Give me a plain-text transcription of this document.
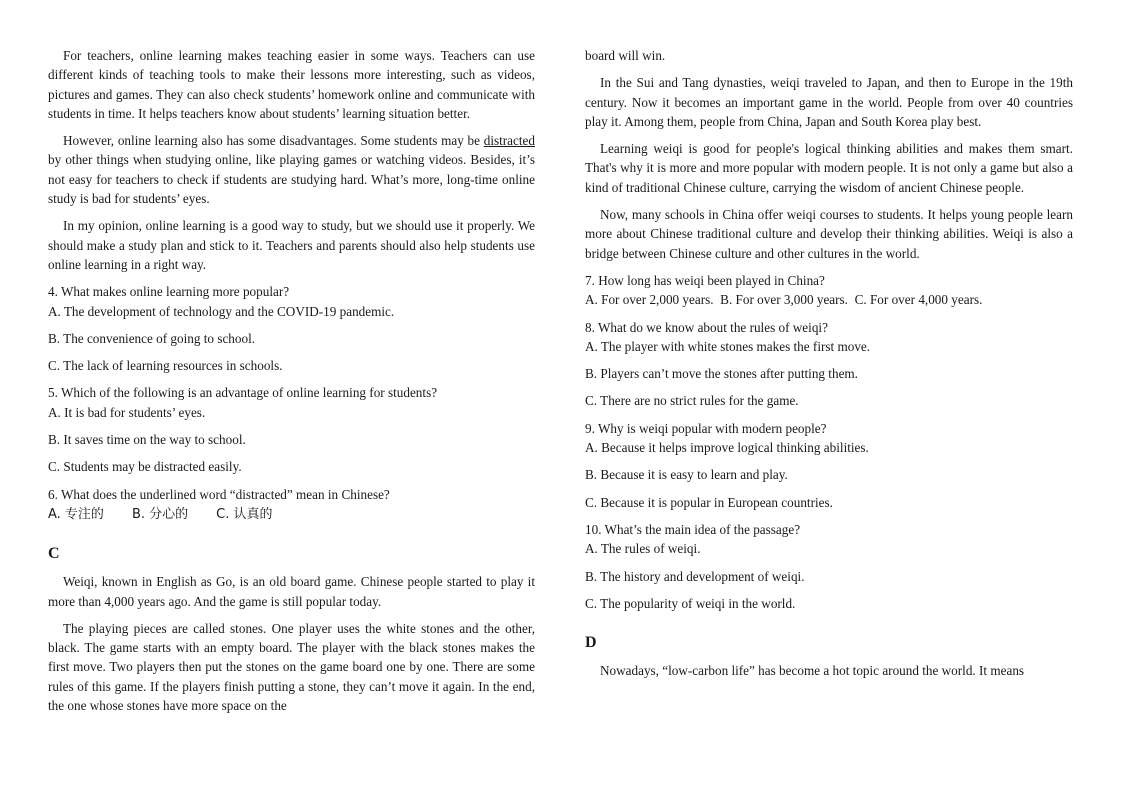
For teachers, online learning makes teaching easier in some ways. Teachers can use different kinds of teaching tools to make their lessons more interesting, such as videos, pictures and games. They can also check students’ homework online and communicate with students in time. It helps teachers know about students’ learning situation better.

However, online learning also has some disadvantages. Some students may be distracted by other things when studying online, like playing games or watching videos. Besides, it’s not easy for teachers to check if students are studying hard. What’s more, long-time online study is bad for students’ eyes.

In my opinion, online learning is a good way to study, but we should use it properly. We should make a study plan and stick to it. Teachers and parents should also help students use online learning in a right way.

4. What makes online learning more popular?

A. The development of technology and the COVID-19 pandemic.

B. The convenience of going to school.

C. The lack of learning resources in schools.

5. Which of the following is an advantage of online learning for students?

A. It is bad for students’ eyes.

B. It saves time on the way to school.

C. Students may be distracted easily.

6. What does the underlined word “distracted” mean in Chinese?

A. 专注的 B. 分心的 C. 认真的

C

Weiqi, known in English as Go, is an old board game. Chinese people started to play it more than 4,000 years ago. And the game is still popular today.

The playing pieces are called stones. One player uses the white stones and the other, black. The game starts with an empty board. The player with the black stones makes the first move. Two players then put the stones on the game board one by one. There are some rules of this game. If the players finish putting a stone, they can’t move it again. In the end, the one whose stones have more space on the

board will win.

In the Sui and Tang dynasties, weiqi traveled to Japan, and then to Europe in the 19th century. Now it becomes an important game in the world. People from over 40 countries play it. Among them, people from China, Japan and South Korea play best.

Learning weiqi is good for people's logical thinking abilities and makes them smart. That's why it is more and more popular with modern people. It is not only a game but also a kind of traditional Chinese culture, carrying the wisdom of ancient Chinese people.

Now, many schools in China offer weiqi courses to students. It helps young people learn more about Chinese traditional culture and develop their thinking abilities. Weiqi is also a bridge between Chinese culture and other cultures in the world.

7. How long has weiqi been played in China?

A. For over 2,000 years. B. For over 3,000 years. C. For over 4,000 years.

8. What do we know about the rules of weiqi?

A. The player with white stones makes the first move.

B. Players can’t move the stones after putting them.

C. There are no strict rules for the game.

9. Why is weiqi popular with modern people?

A. Because it helps improve logical thinking abilities.

B. Because it is easy to learn and play.

C. Because it is popular in European countries.

10. What’s the main idea of the passage?

A. The rules of weiqi.

B. The history and development of weiqi.

C. The popularity of weiqi in the world.

D

Nowadays, “low-carbon life” has become a hot topic around the world. It means
